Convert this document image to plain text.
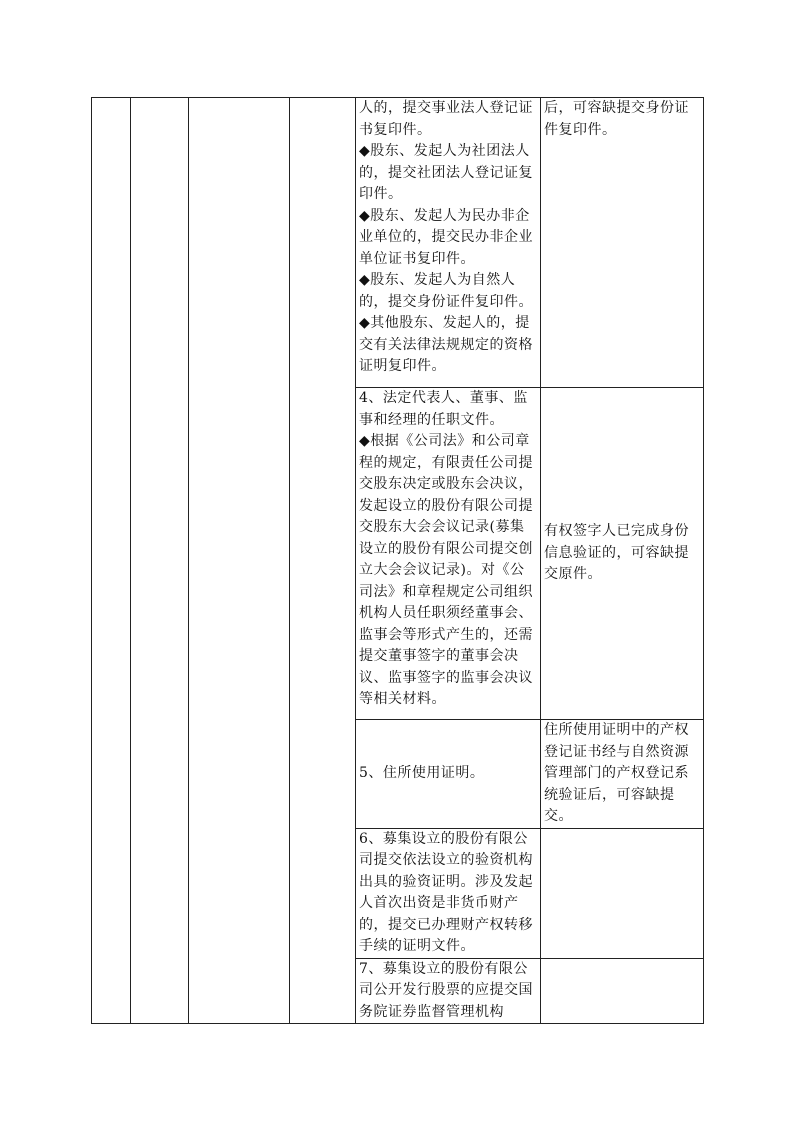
				人的，提交事业法人登记证书复印件。
◆股东、发起人为社团法人的，提交社团法人登记证复印件。
◆股东、发起人为民办非企业单位的，提交民办非企业单位证书复印件。
◆股东、发起人为自然人的，提交身份证件复印件。
◆其他股东、发起人的，提交有关法律法规规定的资格证明复印件。	后，可容缺提交身份证件复印件。

				4、法定代表人、董事、监事和经理的任职文件。
◆根据《公司法》和公司章程的规定，有限责任公司提交股东决定或股东会决议，发起设立的股份有限公司提交股东大会会议记录(募集设立的股份有限公司提交创立大会会议记录)。对《公司法》和章程规定公司组织机构人员任职须经董事会、监事会等形式产生的，还需提交董事签字的董事会决议、监事签字的监事会决议等相关材料。	有权签字人已完成身份信息验证的，可容缺提交原件。

				5、住所使用证明。	住所使用证明中的产权登记证书经与自然资源管理部门的产权登记系统验证后，可容缺提交。

				6、募集设立的股份有限公司提交依法设立的验资机构出具的验资证明。涉及发起人首次出资是非货币财产的，提交已办理财产权转移手续的证明文件。	

				7、募集设立的股份有限公司公开发行股票的应提交国务院证券监督管理机构	
